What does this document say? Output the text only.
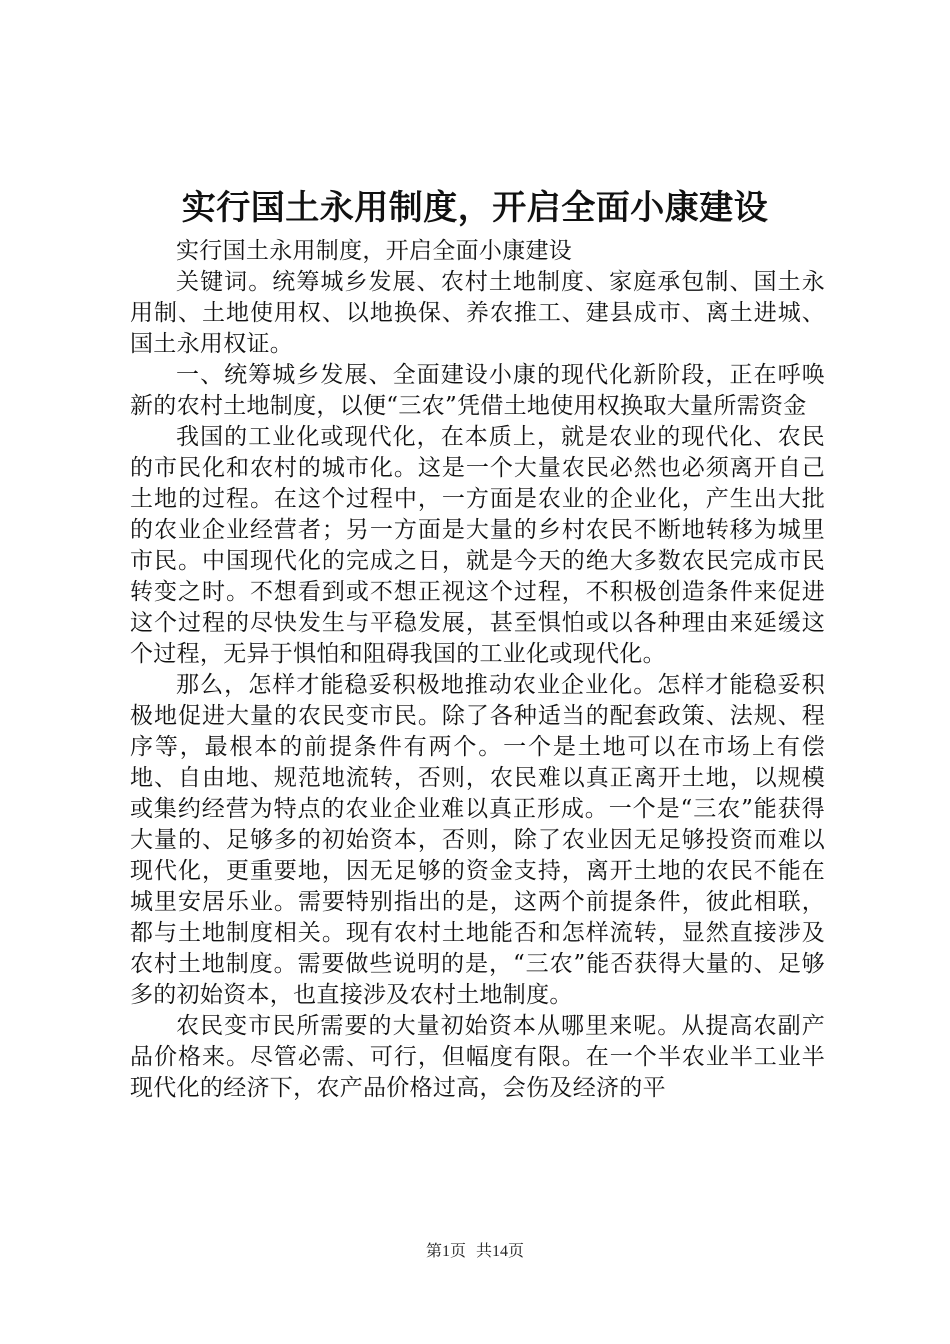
实行国土永用制度，开启全面小康建设

实行国土永用制度，开启全面小康建设

关键词。统筹城乡发展、农村土地制度、家庭承包制、国土永用制、土地使用权、以地换保、养农推工、建县成市、离土进城、国土永用权证。

一、统筹城乡发展、全面建设小康的现代化新阶段，正在呼唤新的农村土地制度，以便“三农”凭借土地使用权换取大量所需资金

我国的工业化或现代化，在本质上，就是农业的现代化、农民的市民化和农村的城市化。这是一个大量农民必然也必须离开自己土地的过程。在这个过程中，一方面是农业的企业化，产生出大批的农业企业经营者；另一方面是大量的乡村农民不断地转移为城里市民。中国现代化的完成之日，就是今天的绝大多数农民完成市民转变之时。不想看到或不想正视这个过程，不积极创造条件来促进这个过程的尽快发生与平稳发展，甚至惧怕或以各种理由来延缓这个过程，无异于惧怕和阻碍我国的工业化或现代化。

那么，怎样才能稳妥积极地推动农业企业化。怎样才能稳妥积极地促进大量的农民变市民。除了各种适当的配套政策、法规、程序等，最根本的前提条件有两个。一个是土地可以在市场上有偿地、自由地、规范地流转，否则，农民难以真正离开土地，以规模或集约经营为特点的农业企业难以真正形成。一个是“三农”能获得大量的、足够多的初始资本，否则，除了农业因无足够投资而难以现代化，更重要地，因无足够的资金支持，离开土地的农民不能在城里安居乐业。需要特别指出的是，这两个前提条件，彼此相联，都与土地制度相关。现有农村土地能否和怎样流转，显然直接涉及农村土地制度。需要做些说明的是，“三农”能否获得大量的、足够多的初始资本，也直接涉及农村土地制度。

农民变市民所需要的大量初始资本从哪里来呢。从提高农副产品价格来。尽管必需、可行，但幅度有限。在一个半农业半工业半现代化的经济下，农产品价格过高，会伤及经济的平

第1页 共14页
